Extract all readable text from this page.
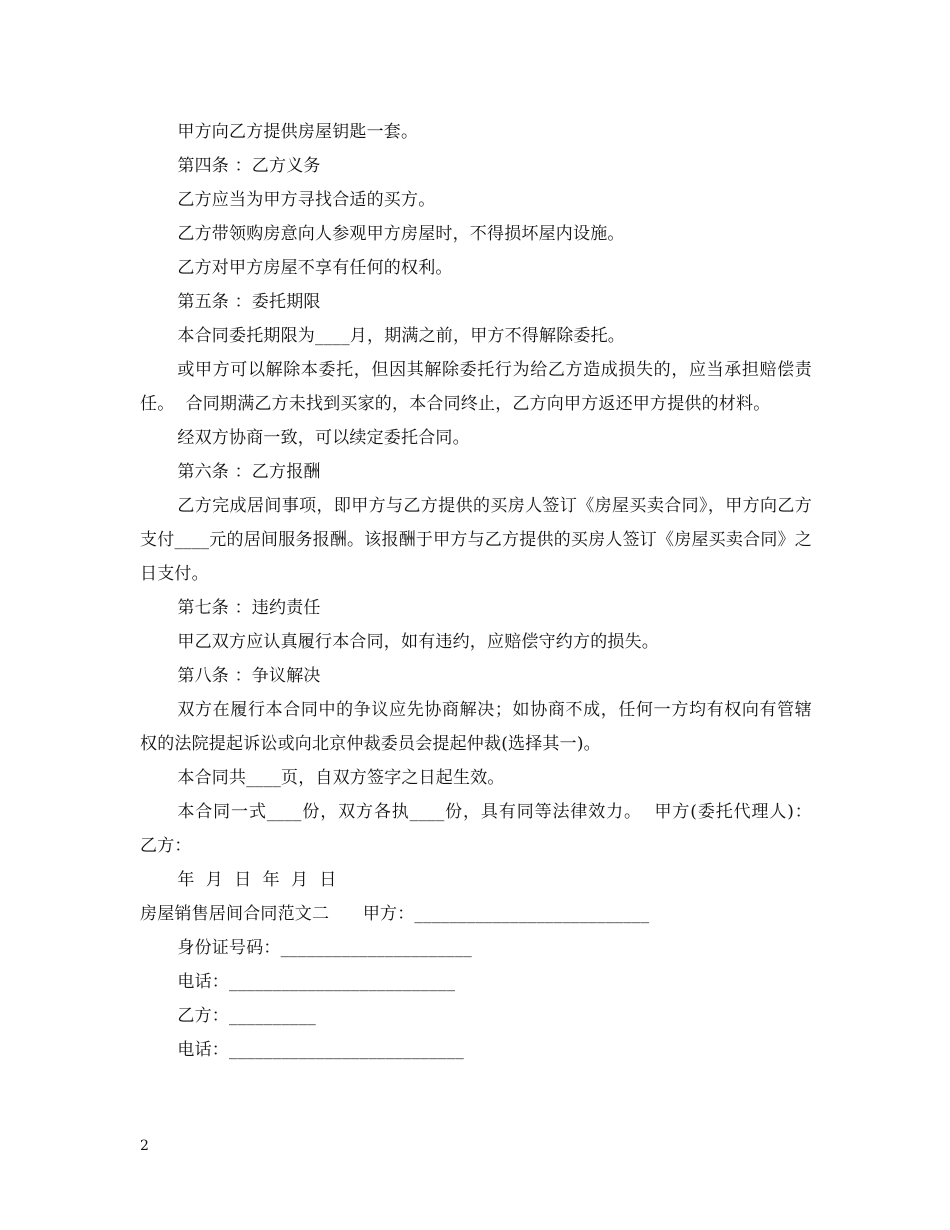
甲方向乙方提供房屋钥匙一套。

第四条 ：乙方义务

乙方应当为甲方寻找合适的买方。

乙方带领购房意向人参观甲方房屋时，不得损坏屋内设施。

乙方对甲方房屋不享有任何的权利。

第五条 ：委托期限

本合同委托期限为____月，期满之前，甲方不得解除委托。

或甲方可以解除本委托，但因其解除委托行为给乙方造成损失的，应当承担赔偿责任。  合同期满乙方未找到买家的，本合同终止，乙方向甲方返还甲方提供的材料。

经双方协商一致，可以续定委托合同。

第六条 ：乙方报酬

乙方完成居间事项，即甲方与乙方提供的买房人签订《房屋买卖合同》，甲方向乙方支付____元的居间服务报酬。该报酬于甲方与乙方提供的买房人签订《房屋买卖合同》之日支付。

第七条 ：违约责任

甲乙双方应认真履行本合同，如有违约，应赔偿守约方的损失。

第八条 ：争议解决

双方在履行本合同中的争议应先协商解决；如协商不成，任何一方均有权向有管辖权的法院提起诉讼或向北京仲裁委员会提起仲裁(选择其一)。

本合同共____页，自双方签字之日起生效。

本合同一式____份，双方各执____份，具有同等法律效力。  甲方(委托代理人)：  乙方：

年  月  日  年  月  日

房屋销售居间合同范文二      甲方：___________________________

身份证号码：______________________

电话：__________________________

乙方：__________

电话：___________________________

2
